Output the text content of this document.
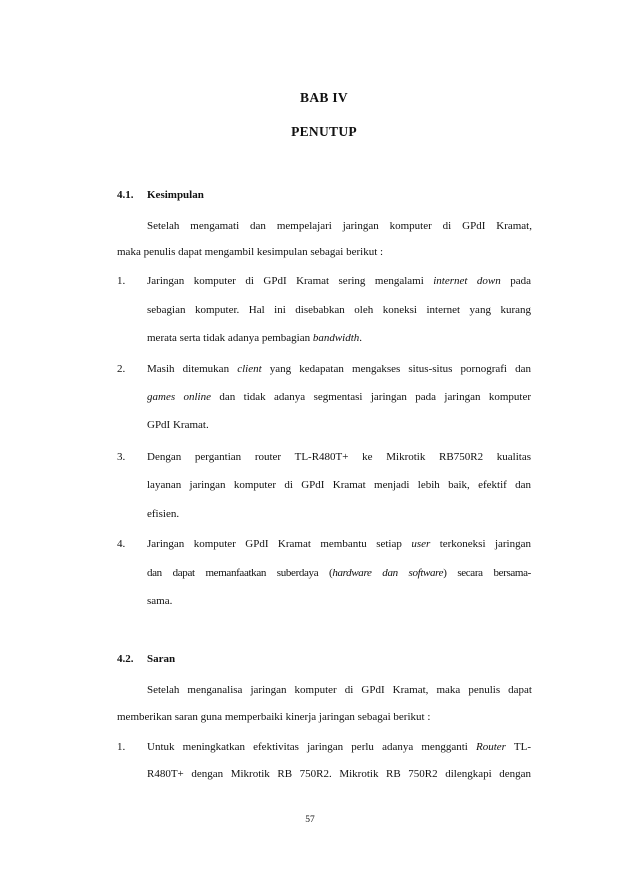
BAB IV
PENUTUP
4.1. Kesimpulan
Setelah mengamati dan mempelajari jaringan komputer di GPdI Kramat,
maka penulis dapat mengambil kesimpulan sebagai berikut :
1. Jaringan komputer di GPdI Kramat sering mengalami internet down pada
sebagian komputer. Hal ini disebabkan oleh koneksi internet yang kurang
merata serta tidak adanya pembagian bandwidth.
2. Masih ditemukan client yang kedapatan mengakses situs-situs pornografi dan
games online dan tidak adanya segmentasi jaringan pada jaringan komputer
GPdI Kramat.
3. Dengan pergantian router TL-R480T+ ke Mikrotik RB750R2 kualitas
layanan jaringan komputer di GPdI Kramat menjadi lebih baik, efektif dan
efisien.
4. Jaringan komputer GPdI Kramat membantu setiap user terkoneksi jaringan
dan dapat memanfaatkan suberdaya (hardware dan software) secara bersama-
sama.
4.2. Saran
Setelah menganalisa jaringan komputer di GPdI Kramat, maka penulis dapat
memberikan saran guna memperbaiki kinerja jaringan sebagai berikut :
1. Untuk meningkatkan efektivitas jaringan perlu adanya mengganti Router TL-
R480T+ dengan Mikrotik RB 750R2. Mikrotik RB 750R2 dilengkapi dengan
57
